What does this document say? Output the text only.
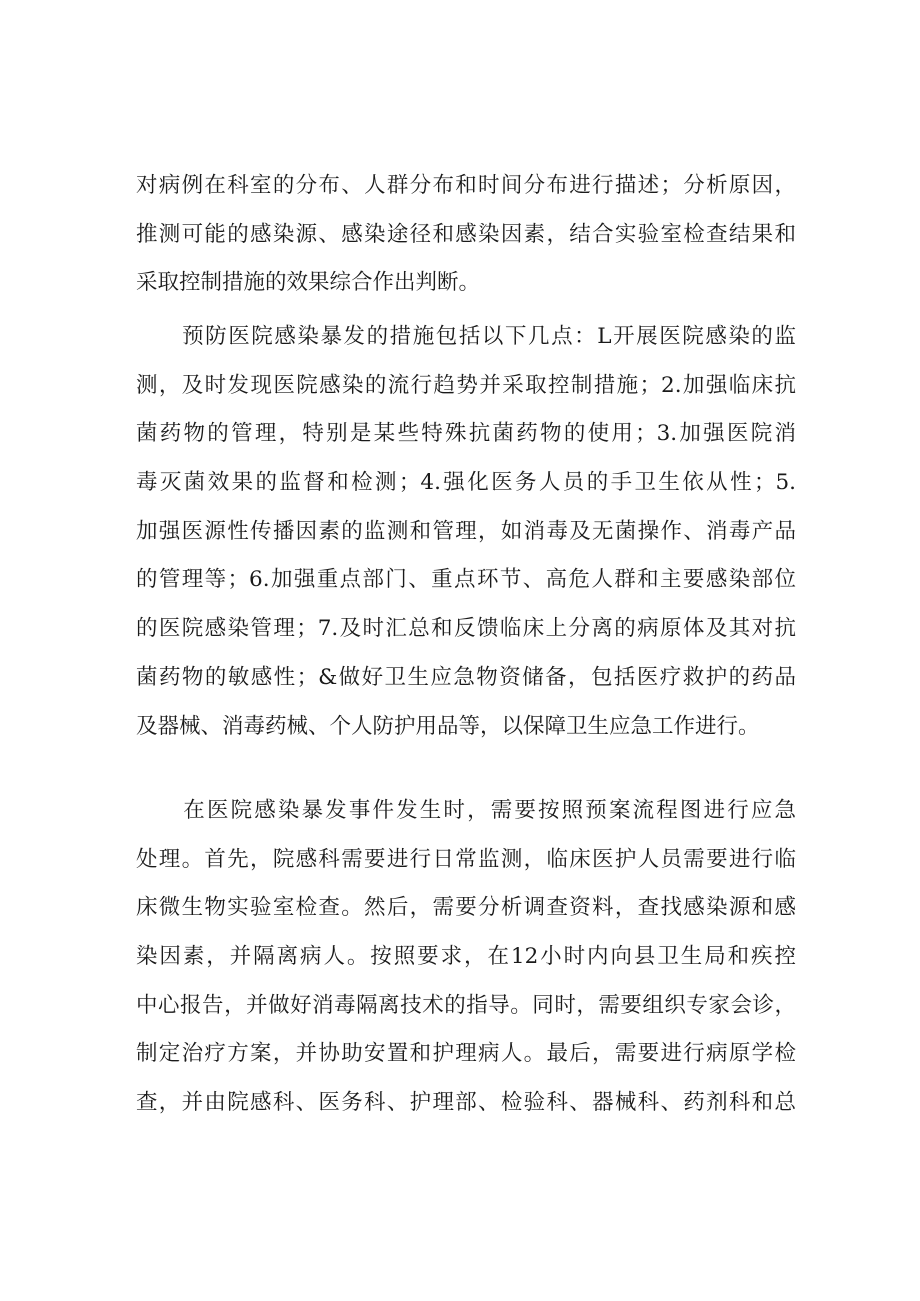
对病例在科室的分布、人群分布和时间分布进行描述；分析原因，
推测可能的感染源、感染途径和感染因素，结合实验室检查结果和
采取控制措施的效果综合作出判断。

　　预防医院感染暴发的措施包括以下几点：L开展医院感染的监
测，及时发现医院感染的流行趋势并采取控制措施；2.加强临床抗
菌药物的管理，特别是某些特殊抗菌药物的使用；3.加强医院消
毒灭菌效果的监督和检测；4.强化医务人员的手卫生依从性；5.
加强医源性传播因素的监测和管理，如消毒及无菌操作、消毒产品
的管理等；6.加强重点部门、重点环节、高危人群和主要感染部位
的医院感染管理；7.及时汇总和反馈临床上分离的病原体及其对抗
菌药物的敏感性；&做好卫生应急物资储备，包括医疗救护的药品
及器械、消毒药械、个人防护用品等，以保障卫生应急工作进行。

　　在医院感染暴发事件发生时，需要按照预案流程图进行应急
处理。首先，院感科需要进行日常监测，临床医护人员需要进行临
床微生物实验室检查。然后，需要分析调查资料，查找感染源和感
染因素，并隔离病人。按照要求，在12小时内向县卫生局和疾控
中心报告，并做好消毒隔离技术的指导。同时，需要组织专家会诊，
制定治疗方案，并协助安置和护理病人。最后，需要进行病原学检
查，并由院感科、医务科、护理部、检验科、器械科、药剂科和总
